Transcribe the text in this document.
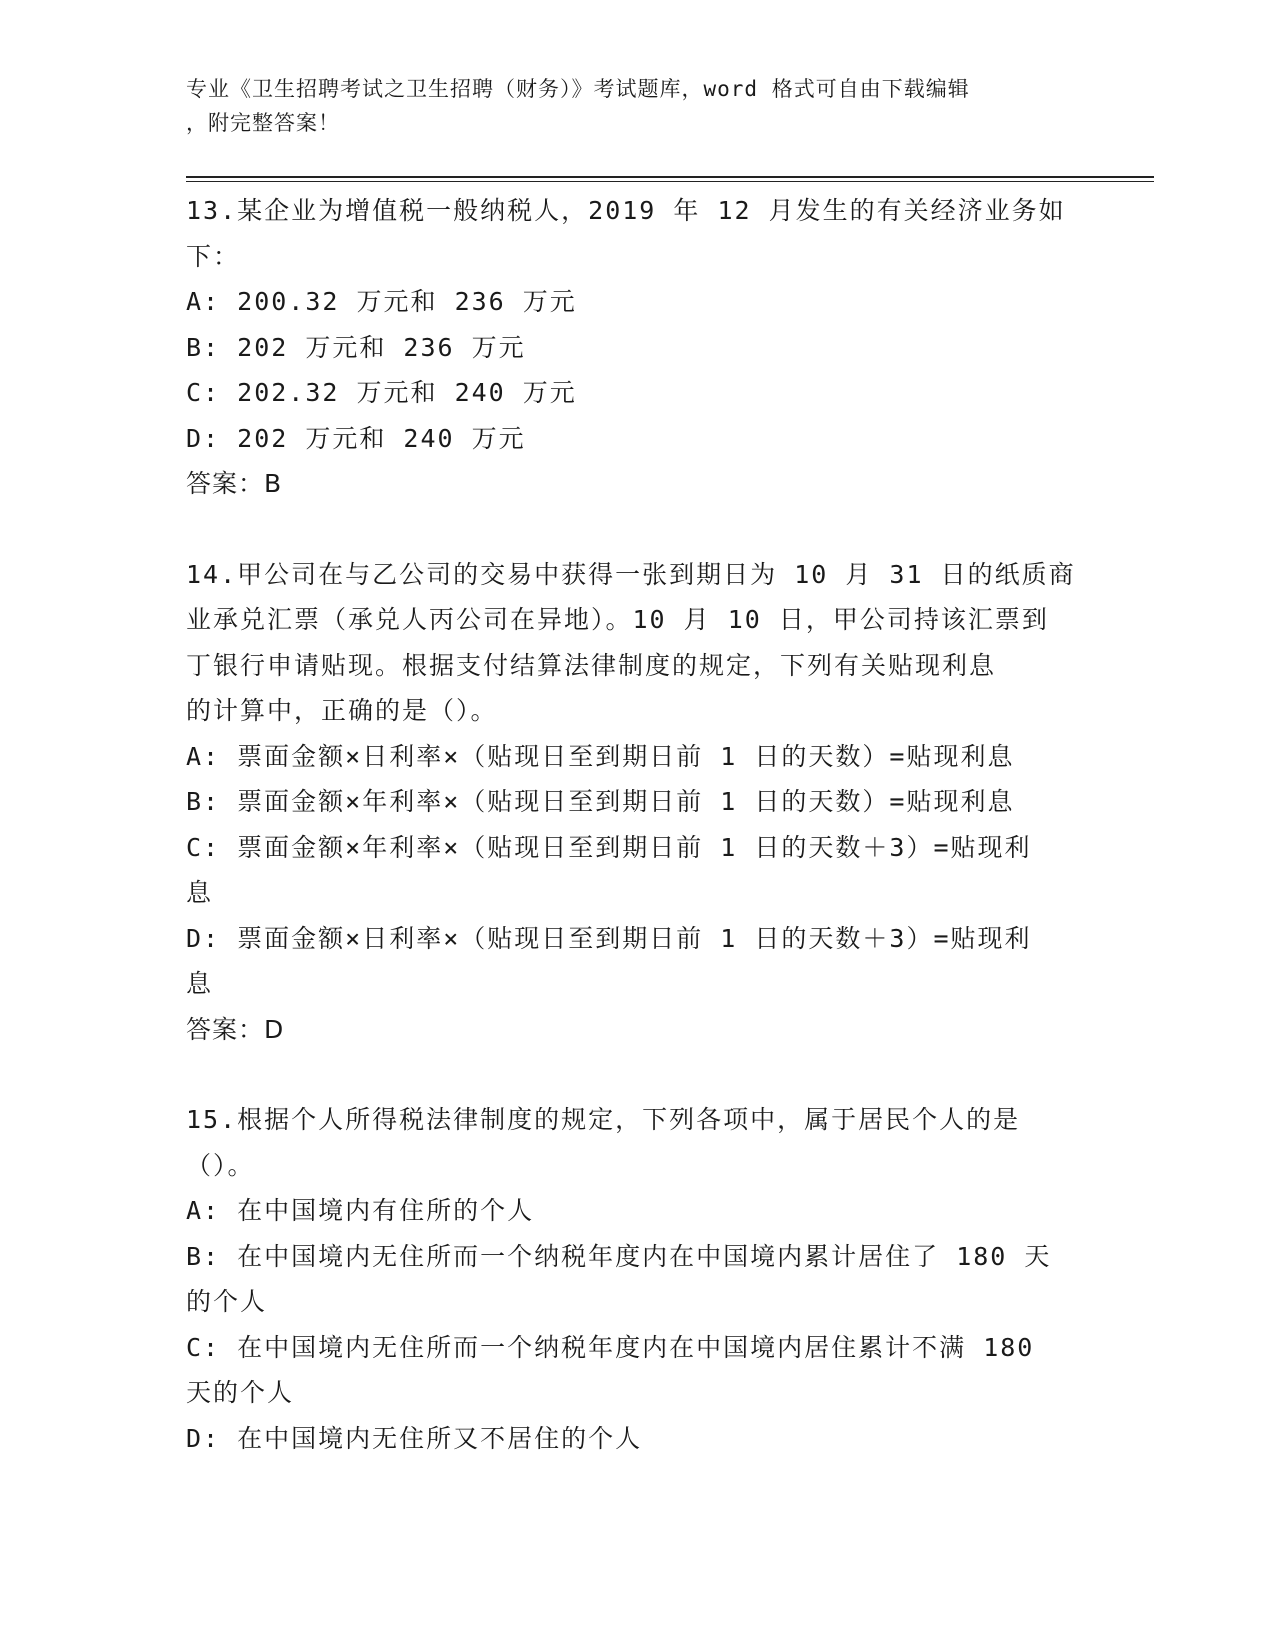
专业《卫生招聘考试之卫生招聘（财务）》考试题库，word 格式可自由下载编辑
，附完整答案！
13.某企业为增值税一般纳税人，2019 年 12 月发生的有关经济业务如
下：
A: 200.32 万元和 236 万元
B: 202 万元和 236 万元
C: 202.32 万元和 240 万元
D: 202 万元和 240 万元
答案：B
14.甲公司在与乙公司的交易中获得一张到期日为 10 月 31 日的纸质商
业承兑汇票（承兑人丙公司在异地）。10 月 10 日，甲公司持该汇票到
丁银行申请贴现。根据支付结算法律制度的规定，下列有关贴现利息
的计算中，正确的是（）。
A: 票面金额×日利率×（贴现日至到期日前 1 日的天数）=贴现利息
B: 票面金额×年利率×（贴现日至到期日前 1 日的天数）=贴现利息
C: 票面金额×年利率×（贴现日至到期日前 1 日的天数＋3）=贴现利
息
D: 票面金额×日利率×（贴现日至到期日前 1 日的天数＋3）=贴现利
息
答案：D
15.根据个人所得税法律制度的规定，下列各项中，属于居民个人的是
（）。
A: 在中国境内有住所的个人
B: 在中国境内无住所而一个纳税年度内在中国境内累计居住了 180 天
的个人
C: 在中国境内无住所而一个纳税年度内在中国境内居住累计不满 180
天的个人
D: 在中国境内无住所又不居住的个人
